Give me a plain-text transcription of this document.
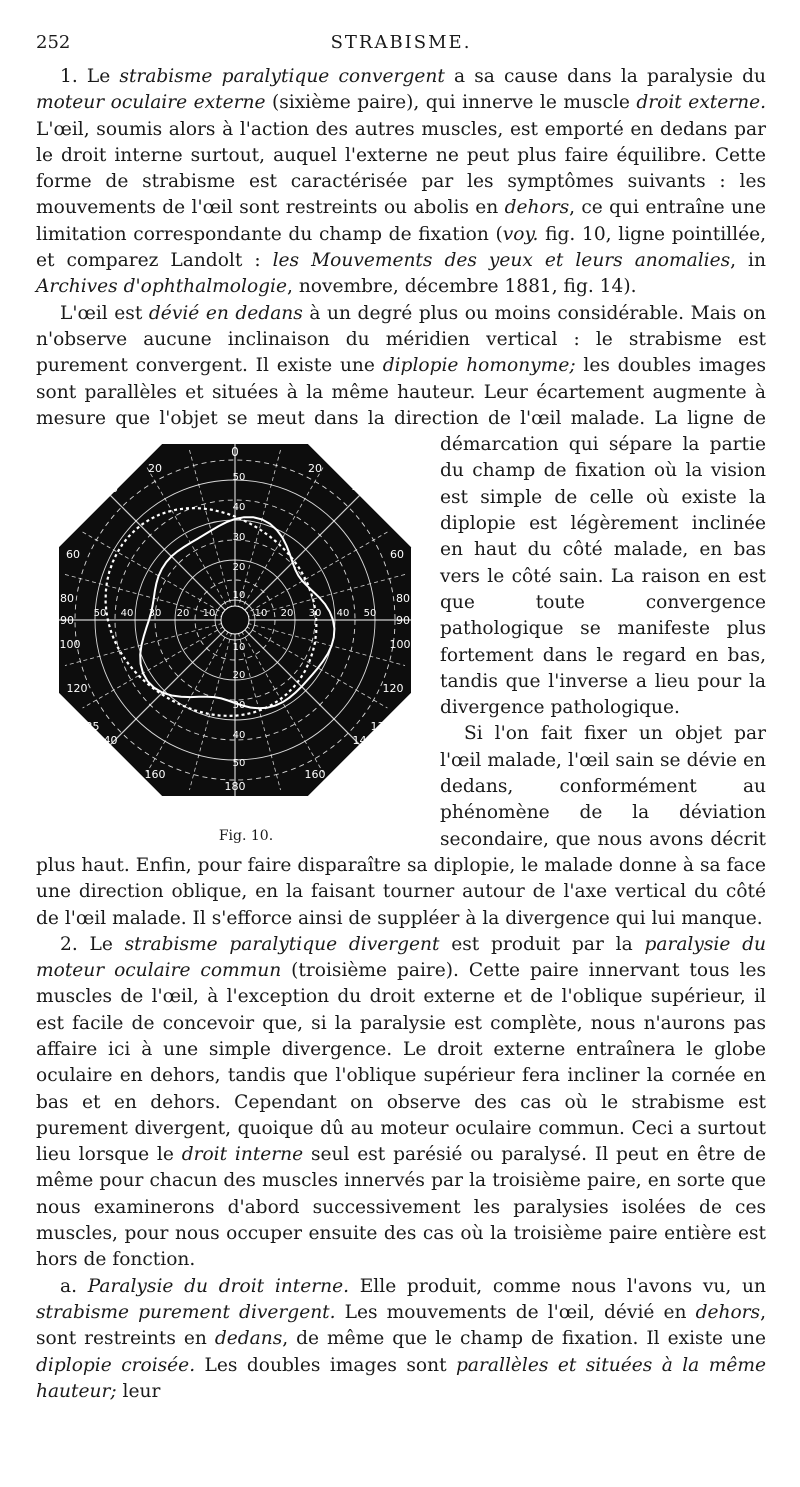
252	STRABISME.

1. Le strabisme paralytique convergent a sa cause dans la paralysie du moteur oculaire externe (sixième paire), qui innerve le muscle droit externe. L'œil, soumis alors à l'action des autres muscles, est emporté en dedans par le droit interne surtout, auquel l'externe ne peut plus faire équilibre. Cette forme de strabisme est caractérisée par les symptômes suivants : les mouvements de l'œil sont restreints ou abolis en dehors, ce qui entraîne une limitation correspondante du champ de fixation (voy. fig. 10, ligne pointillée, et comparez Landolt : les Mouvements des yeux et leurs anomalies, in Archives d'ophthalmologie, novembre, décembre 1881, fig. 14).

L'œil est dévié en dedans à un degré plus ou moins considérable. Mais on n'observe aucune inclinaison du méridien vertical : le strabisme est purement convergent. Il existe une diplopie homonyme; les doubles images sont parallèles et situées à la même hauteur. Leur écartement augmente à mesure que l'objet se meut dans la direction de l'œil malade. La ligne de démarcation qui sépare
0
20	20
40	40
45	45
60	60
80	80
90	90
100	100
120	120
135	135
140	140
160	160
180
50
40
30
20
10
10
20
30
40
50
50 40 30 20 10	10 20 30 40 50
Fig. 10.
la partie du champ de fixation où la vision est simple de celle où existe la diplopie est légèrement inclinée en haut du côté malade, en bas vers le côté sain. La raison en est que toute convergence pathologique se manifeste plus fortement dans le regard en bas, tandis que l'inverse a lieu pour la divergence pathologique.

Si l'on fait fixer un objet par l'œil malade, l'œil sain se dévie en dedans, conformément au phénomène de la déviation secondaire, que nous avons décrit plus haut. Enfin, pour faire disparaître sa diplopie, le malade donne à sa face une direction oblique, en la faisant tourner autour de l'axe vertical du côté de l'œil malade. Il s'efforce ainsi de suppléer à la divergence qui lui manque.

2. Le strabisme paralytique divergent est produit par la paralysie du moteur oculaire commun (troisième paire). Cette paire innervant tous les muscles de l'œil, à l'exception du droit externe et de l'oblique supérieur, il est facile de concevoir que, si la paralysie est complète, nous n'aurons pas affaire ici à une simple divergence. Le droit externe entraînera le globe oculaire en dehors, tandis que l'oblique supérieur fera incliner la cornée en bas et en dehors. Cependant on observe des cas où le strabisme est purement divergent, quoique dû au moteur oculaire commun. Ceci a surtout lieu lorsque le droit interne seul est parésié ou paralysé. Il peut en être de même pour chacun des muscles innervés par la troisième paire, en sorte que nous examinerons d'abord successivement les paralysies isolées de ces muscles, pour nous occuper ensuite des cas où la troisième paire entière est hors de fonction.

a. Paralysie du droit interne. Elle produit, comme nous l'avons vu, un strabisme purement divergent. Les mouvements de l'œil, dévié en dehors, sont restreints en dedans, de même que le champ de fixation. Il existe une diplopie croisée. Les doubles images sont parallèles et situées à la même hauteur; leur
